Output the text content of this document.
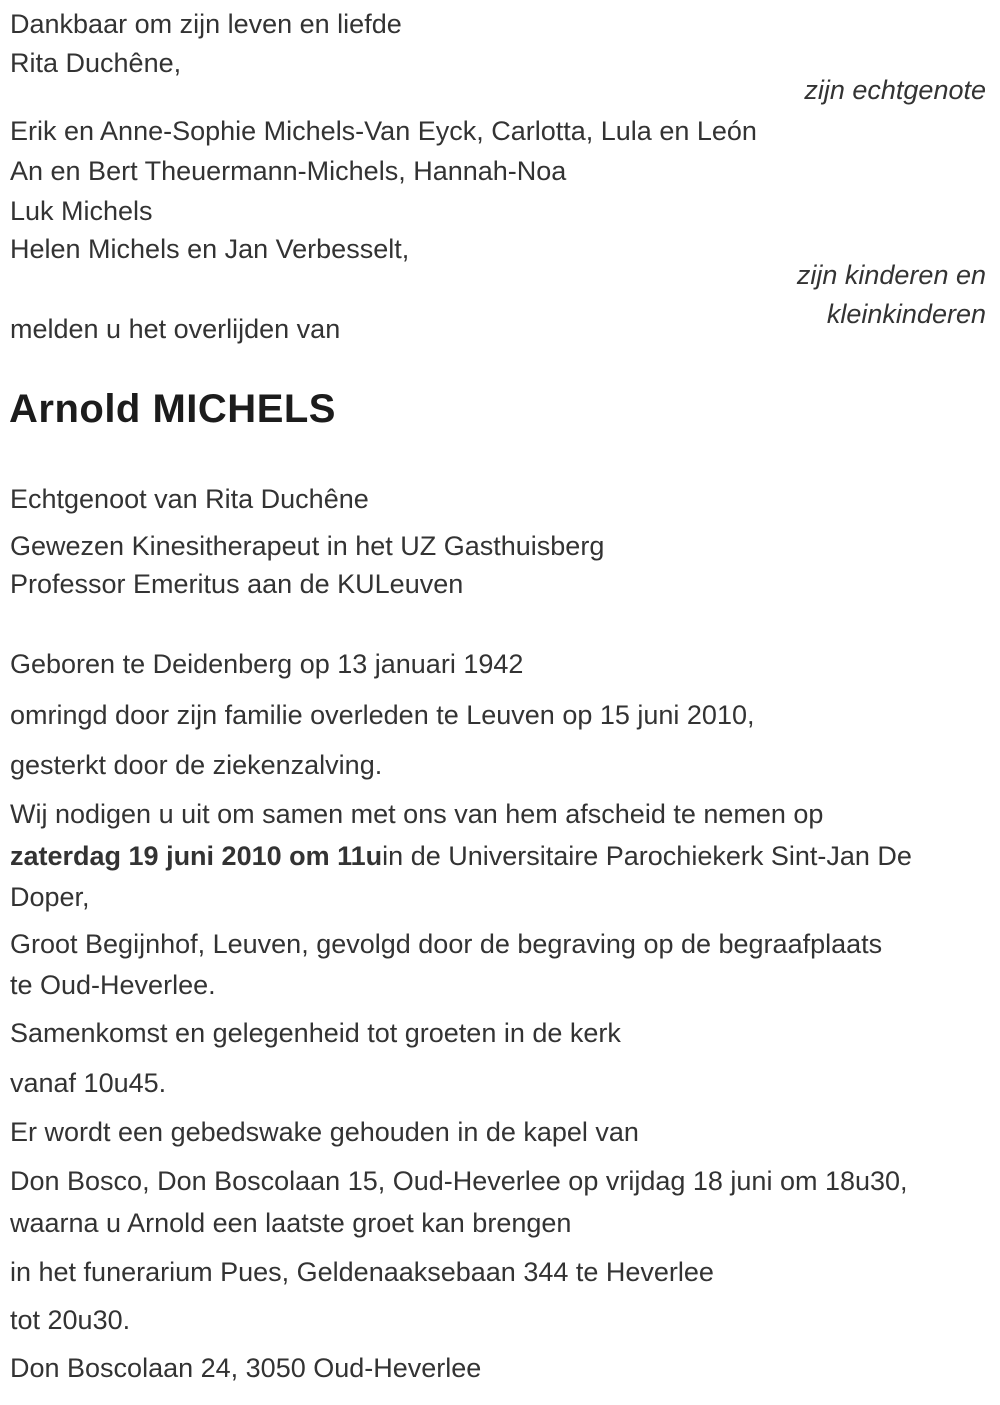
Dankbaar om zijn leven en liefde
Rita Duchêne,
zijn echtgenote
Erik en Anne-Sophie Michels-Van Eyck, Carlotta, Lula en León
An en Bert Theuermann-Michels, Hannah-Noa
Luk Michels
Helen Michels en Jan Verbesselt,
zijn kinderen en
kleinkinderen
melden u het overlijden van
Arnold MICHELS
Echtgenoot van Rita Duchêne
Gewezen Kinesitherapeut in het UZ Gasthuisberg
Professor Emeritus aan de KULeuven
Geboren te Deidenberg op 13 januari 1942
omringd door zijn familie overleden te Leuven op 15 juni 2010,
gesterkt door de ziekenzalving.
Wij nodigen u uit om samen met ons van hem afscheid te nemen op
zaterdag 19 juni 2010 om 11uin de Universitaire Parochiekerk Sint-Jan De
Doper,
Groot Begijnhof, Leuven, gevolgd door de begraving op de begraafplaats
te Oud-Heverlee.
Samenkomst en gelegenheid tot groeten in de kerk
vanaf 10u45.
Er wordt een gebedswake gehouden in de kapel van
Don Bosco, Don Boscolaan 15, Oud-Heverlee op vrijdag 18 juni om 18u30,
waarna u Arnold een laatste groet kan brengen
in het funerarium Pues, Geldenaaksebaan 344 te Heverlee
tot 20u30.
Don Boscolaan 24, 3050 Oud-Heverlee
